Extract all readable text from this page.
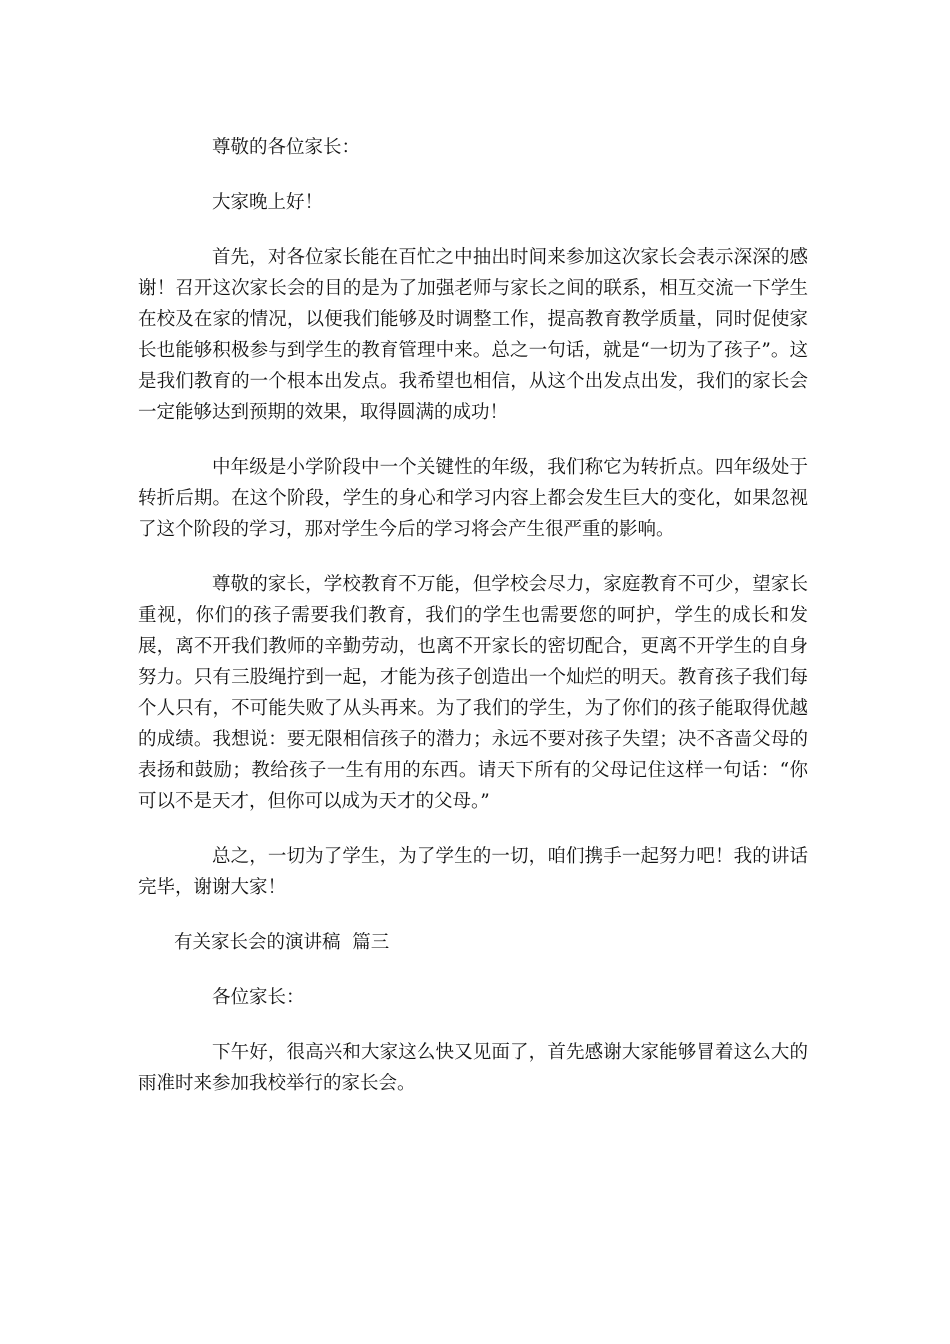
尊敬的各位家长：

大家晚上好！

首先，对各位家长能在百忙之中抽出时间来参加这次家长会表示深深的感谢！召开这次家长会的目的是为了加强老师与家长之间的联系，相互交流一下学生在校及在家的情况，以便我们能够及时调整工作，提高教育教学质量，同时促使家长也能够积极参与到学生的教育管理中来。总之一句话，就是“一切为了孩子”。这是我们教育的一个根本出发点。我希望也相信，从这个出发点出发，我们的家长会一定能够达到预期的效果，取得圆满的成功！

中年级是小学阶段中一个关键性的年级，我们称它为转折点。四年级处于转折后期。在这个阶段，学生的身心和学习内容上都会发生巨大的变化，如果忽视了这个阶段的学习，那对学生今后的学习将会产生很严重的影响。

尊敬的家长，学校教育不万能，但学校会尽力，家庭教育不可少，望家长重视，你们的孩子需要我们教育，我们的学生也需要您的呵护，学生的成长和发展，离不开我们教师的辛勤劳动，也离不开家长的密切配合，更离不开学生的自身努力。只有三股绳拧到一起，才能为孩子创造出一个灿烂的明天。教育孩子我们每个人只有，不可能失败了从头再来。为了我们的学生，为了你们的孩子能取得优越的成绩。我想说：要无限相信孩子的潜力；永远不要对孩子失望；决不吝啬父母的表扬和鼓励；教给孩子一生有用的东西。请天下所有的父母记住这样一句话：“你可以不是天才，但你可以成为天才的父母。”

总之，一切为了学生，为了学生的一切，咱们携手一起努力吧！我的讲话完毕，谢谢大家！

有关家长会的演讲稿  篇三

各位家长：

下午好，很高兴和大家这么快又见面了，首先感谢大家能够冒着这么大的雨准时来参加我校举行的家长会。
